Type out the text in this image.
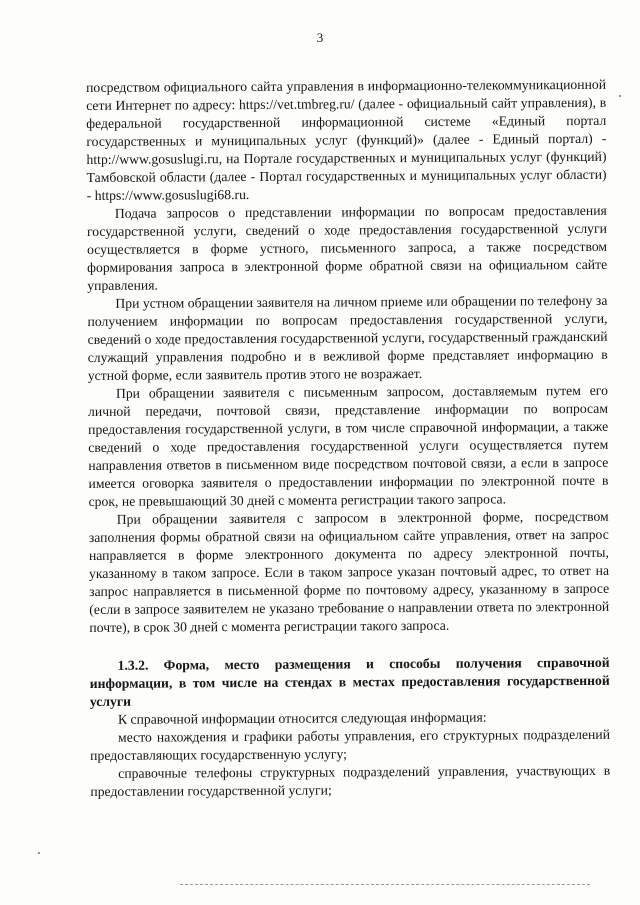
3

посредством официального сайта управления в информационно-телекоммуникационной сети Интернет по адресу: https://vet.tmbreg.ru/ (далее - официальный сайт управления), в федеральной государственной информационной системе «Единый портал государственных и муниципальных услуг (функций)» (далее - Единый портал) - http://www.gosuslugi.ru, на Портале государственных и муниципальных услуг (функций) Тамбовской области (далее - Портал государственных и муниципальных услуг области) - https://www.gosuslugi68.ru.

Подача запросов о представлении информации по вопросам предоставления государственной услуги, сведений о ходе предоставления государственной услуги осуществляется в форме устного, письменного запроса, а также посредством формирования запроса в электронной форме обратной связи на официальном сайте управления.

При устном обращении заявителя на личном приеме или обращении по телефону за получением информации по вопросам предоставления государственной услуги, сведений о ходе предоставления государственной услуги, государственный гражданский служащий управления подробно и в вежливой форме представляет информацию в устной форме, если заявитель против этого не возражает.

При обращении заявителя с письменным запросом, доставляемым путем его личной передачи, почтовой связи, представление информации по вопросам предоставления государственной услуги, в том числе справочной информации, а также сведений о ходе предоставления государственной услуги осуществляется путем направления ответов в письменном виде посредством почтовой связи, а если в запросе имеется оговорка заявителя о предоставлении информации по электронной почте в срок, не превышающий 30 дней с момента регистрации такого запроса.

При обращении заявителя с запросом в электронной форме, посредством заполнения формы обратной связи на официальном сайте управления, ответ на запрос направляется в форме электронного документа по адресу электронной почты, указанному в таком запросе. Если в таком запросе указан почтовый адрес, то ответ на запрос направляется в письменной форме по почтовому адресу, указанному в запросе (если в запросе заявителем не указано требование о направлении ответа по электронной почте), в срок 30 дней с момента регистрации такого запроса.

1.3.2. Форма, место размещения и способы получения справочной информации, в том числе на стендах в местах предоставления государственной услуги

К справочной информации относится следующая информация:

место нахождения и графики работы управления, его структурных подразделений предоставляющих государственную услугу;

справочные телефоны структурных подразделений управления, участвующих в предоставлении государственной услуги;
